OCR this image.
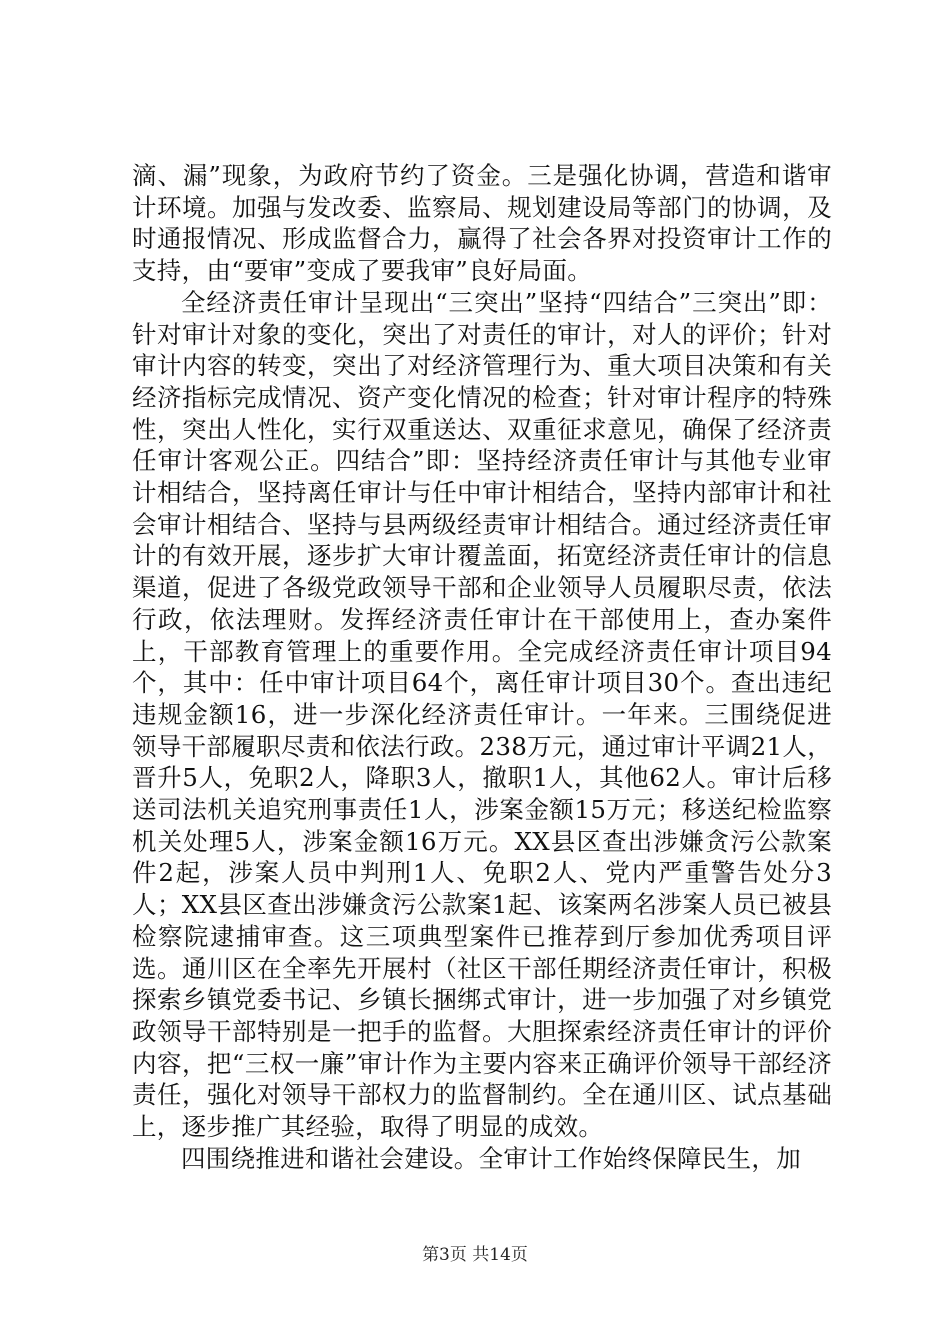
滴、漏”现象，为政府节约了资金。三是强化协调，营造和谐审计环境。加强与发改委、监察局、规划建设局等部门的协调，及时通报情况、形成监督合力，赢得了社会各界对投资审计工作的支持，由“要审”变成了要我审”良好局面。

全经济责任审计呈现出“三突出”坚持“四结合”三突出”即：针对审计对象的变化，突出了对责任的审计，对人的评价；针对审计内容的转变，突出了对经济管理行为、重大项目决策和有关经济指标完成情况、资产变化情况的检查；针对审计程序的特殊性，突出人性化，实行双重送达、双重征求意见，确保了经济责任审计客观公正。四结合”即：坚持经济责任审计与其他专业审计相结合，坚持离任审计与任中审计相结合，坚持内部审计和社会审计相结合、坚持与县两级经责审计相结合。通过经济责任审计的有效开展，逐步扩大审计覆盖面，拓宽经济责任审计的信息渠道，促进了各级党政领导干部和企业领导人员履职尽责，依法行政，依法理财。发挥经济责任审计在干部使用上，查办案件上，干部教育管理上的重要作用。全完成经济责任审计项目94个，其中：任中审计项目64个，离任审计项目30个。查出违纪违规金额16，进一步深化经济责任审计。一年来。三围绕促进领导干部履职尽责和依法行政。238万元，通过审计平调21人，晋升5人，免职2人，降职3人，撤职1人，其他62人。审计后移送司法机关追究刑事责任1人，涉案金额15万元；移送纪检监察机关处理5人，涉案金额16万元。XX县区查出涉嫌贪污公款案件2起，涉案人员中判刑1人、免职2人、党内严重警告处分3人；XX县区查出涉嫌贪污公款案1起、该案两名涉案人员已被县检察院逮捕审查。这三项典型案件已推荐到厅参加优秀项目评选。通川区在全率先开展村（社区干部任期经济责任审计，积极探索乡镇党委书记、乡镇长捆绑式审计，进一步加强了对乡镇党政领导干部特别是一把手的监督。大胆探索经济责任审计的评价内容，把“三权一廉”审计作为主要内容来正确评价领导干部经济责任，强化对领导干部权力的监督制约。全在通川区、试点基础上，逐步推广其经验，取得了明显的成效。

四围绕推进和谐社会建设。全审计工作始终保障民生，加

第3页 共14页
